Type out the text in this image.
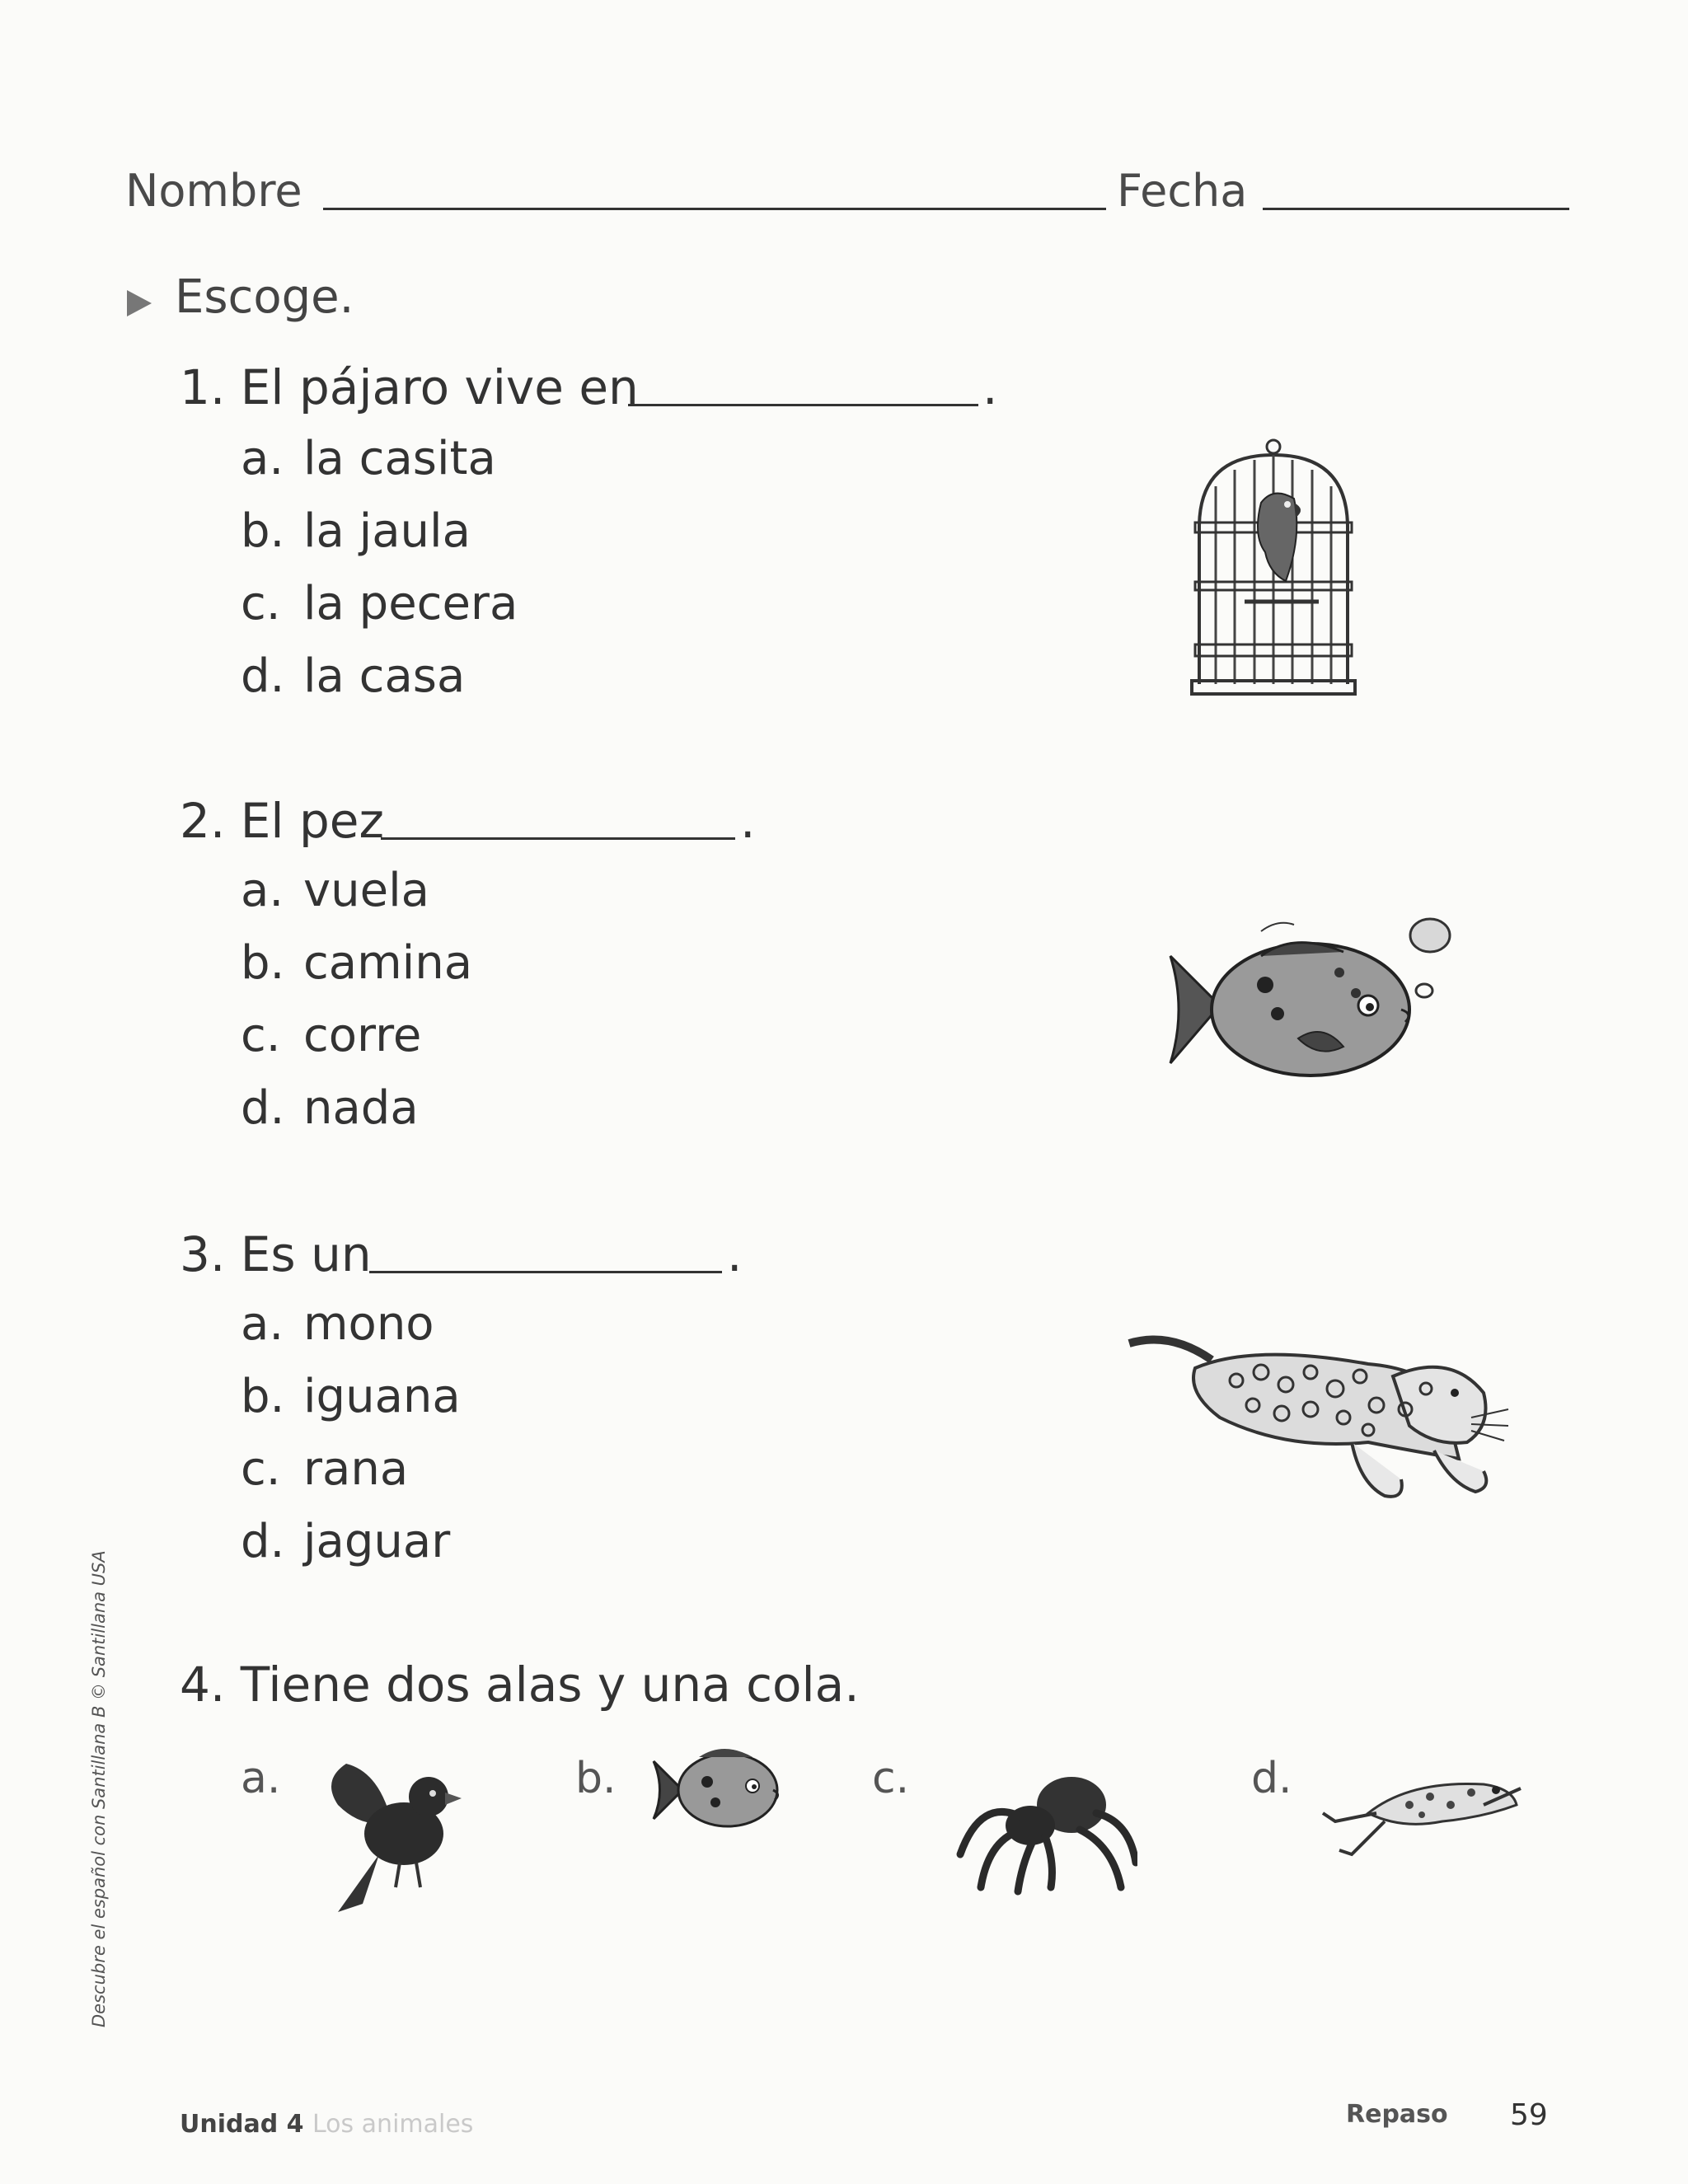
Nombre	Fecha
Escoge.
1. El pájaro vive en	.
a. la casita
b. la jaula
c. la pecera
d. la casa
2. El pez	.
a. vuela
b. camina
c. corre
d. nada
3. Es un	.
a. mono
b. iguana
c. rana
d. jaguar
4. Tiene dos alas y una cola.
a.	b.	c.	d.
Descubre el español con Santillana B © Santillana USA
Unidad 4 Los animales	Repaso 59
